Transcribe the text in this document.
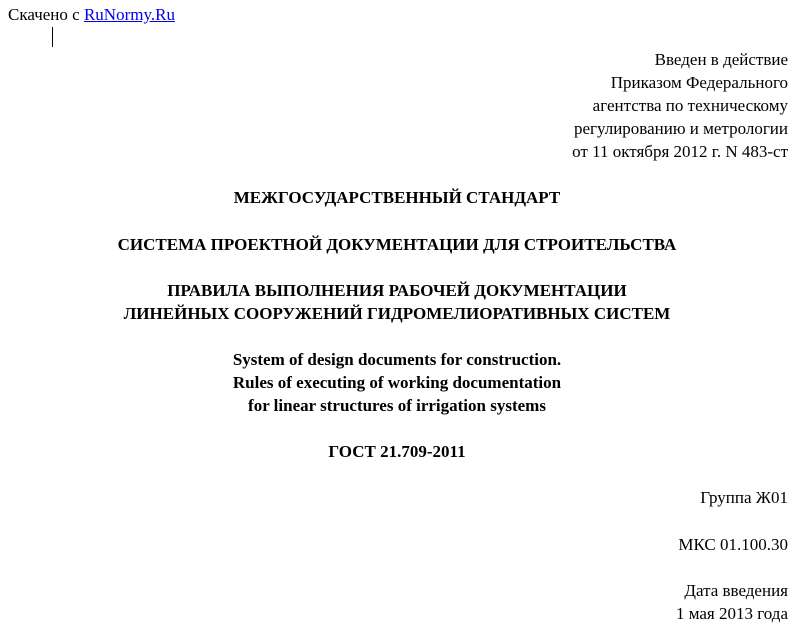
Скачено с RuNormy.Ru
Введен в действие
Приказом Федерального
агентства по техническому
регулированию и метрологии
от 11 октября 2012 г. N 483-ст
МЕЖГОСУДАРСТВЕННЫЙ СТАНДАРТ
СИСТЕМА ПРОЕКТНОЙ ДОКУМЕНТАЦИИ ДЛЯ СТРОИТЕЛЬСТВА
ПРАВИЛА ВЫПОЛНЕНИЯ РАБОЧЕЙ ДОКУМЕНТАЦИИ
ЛИНЕЙНЫХ СООРУЖЕНИЙ ГИДРОМЕЛИОРАТИВНЫХ СИСТЕМ
System of design documents for construction.
Rules of executing of working documentation
for linear structures of irrigation systems
ГОСТ 21.709-2011
Группа Ж01
МКС 01.100.30
Дата введения
1 мая 2013 года
